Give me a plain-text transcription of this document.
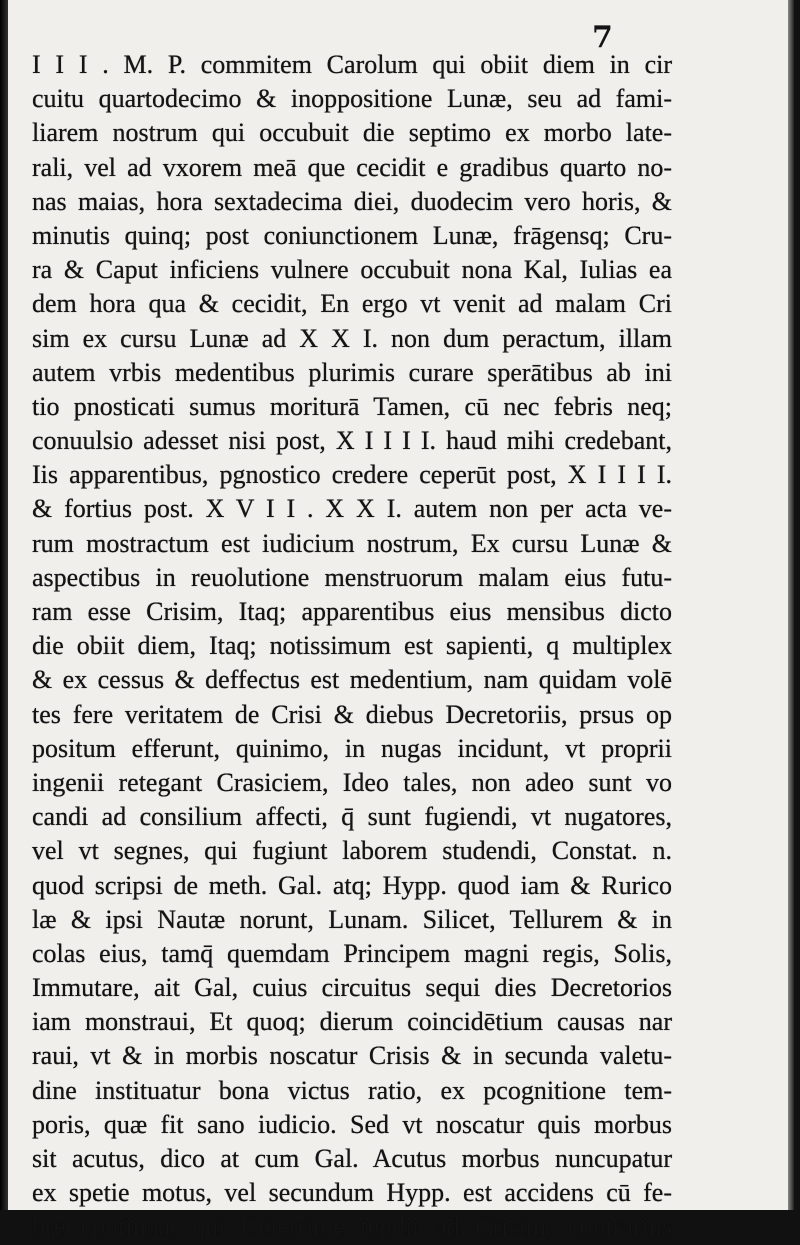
7
I I I . M. P. commitem Carolum qui obiit diem in cir
cuitu quartodecimo & inoppositione Lunæ, seu ad fami-
liarem nostrum qui occubuit die septimo ex morbo late-
rali, vel ad vxorem meā que cecidit e gradibus quarto no-
nas maias, hora sextadecima diei, duodecim vero horis, &
minutis quinq; post coniunctionem Lunæ, frāgensq; Cru-
ra & Caput inficiens vulnere occubuit nona Kal, Iulias ea
dem hora qua & cecidit, En ergo vt venit ad malam Cri
sim ex cursu Lunæ ad X X I. non dum peractum, illam
autem vrbis medentibus plurimis curare sperātibus ab ini
tio pnosticati sumus moriturā Tamen, cū nec febris neq;
conuulsio adesset nisi post, X I I I I. haud mihi credebant,
Iis apparentibus, pgnostico credere ceperūt post, X I I I I.
& fortius post. X V I I . X X I. autem non per acta ve-
rum mostractum est iudicium nostrum, Ex cursu Lunæ &
aspectibus in reuolutione menstruorum malam eius futu-
ram esse Crisim, Itaq; apparentibus eius mensibus dicto
die obiit diem, Itaq; notissimum est sapienti, q multiplex
& ex cessus & deffectus est medentium, nam quidam volē
tes fere veritatem de Crisi & diebus Decretoriis, prsus op
positum efferunt, quinimo, in nugas incidunt, vt proprii
ingenii retegant Crasiciem, Ideo tales, non adeo sunt vo
candi ad consilium affecti, q̄ sunt fugiendi, vt nugatores,
vel vt segnes, qui fugiunt laborem studendi, Constat. n.
quod scripsi de meth. Gal. atq; Hypp. quod iam & Rurico
læ & ipsi Nautæ norunt, Lunam. Silicet, Tellurem & in
colas eius, tamq̄ quemdam Principem magni regis, Solis,
Immutare, ait Gal, cuius circuitus sequi dies Decretorios
iam monstraui, Et quoq; dierum coincidētium causas nar
raui, vt & in morbis noscatur Crisis & in secunda valetu-
dine instituatur bona victus ratio, ex pcognitione tem-
poris, quæ fit sano iudicio. Sed vt noscatur quis morbus
sit acutus, dico at cum Gal. Acutus morbus nuncupatur
ex spetie motus, vel secundum Hypp. est accidens cū fe-
bre continua, qui Celerrime tendit ad Crisim, contrarius
